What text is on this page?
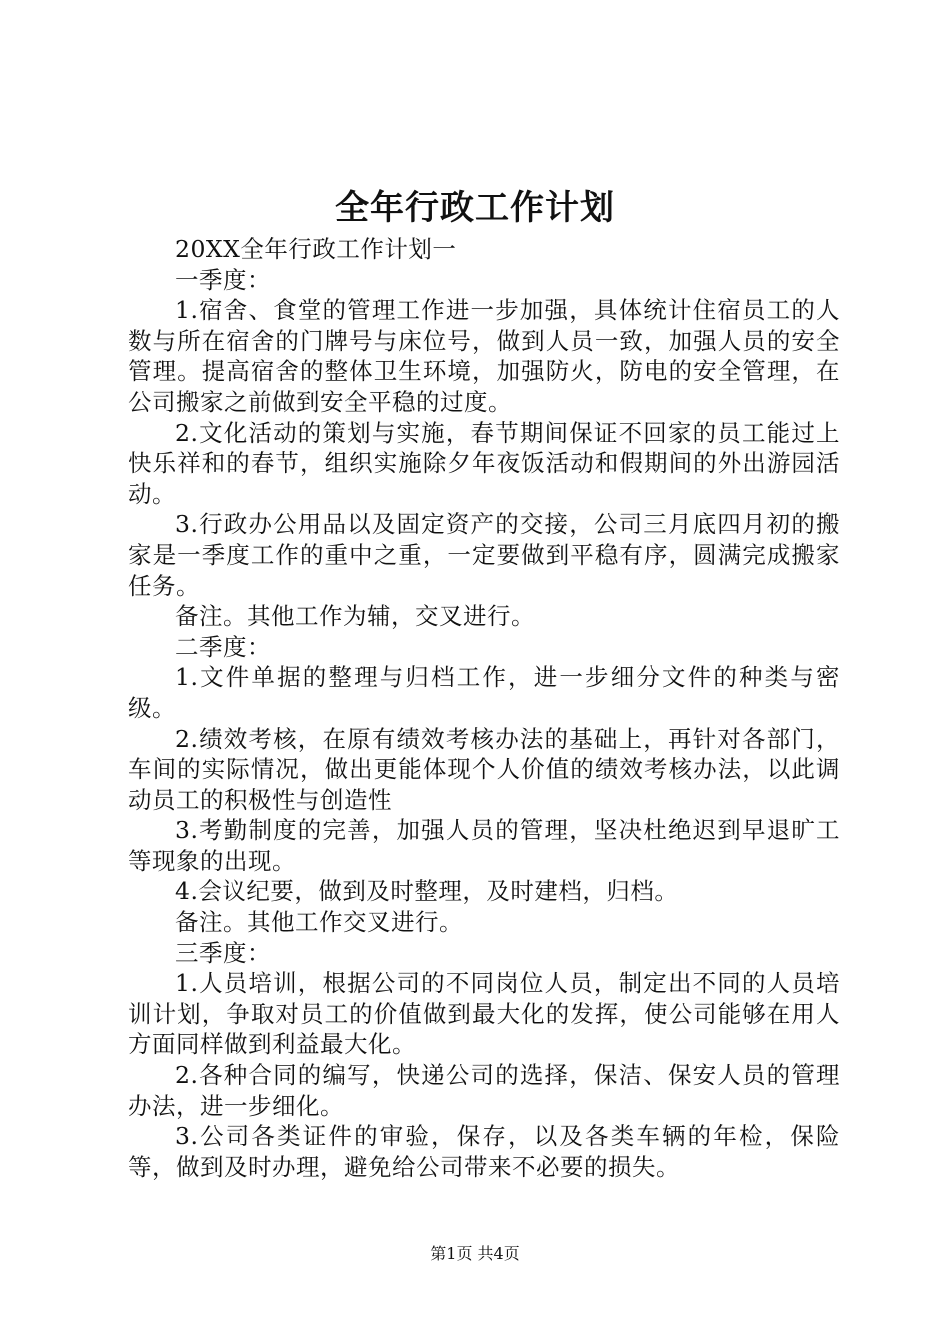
全年行政工作计划

20XX全年行政工作计划一

一季度：

1.宿舍、食堂的管理工作进一步加强，具体统计住宿员工的人数与所在宿舍的门牌号与床位号，做到人员一致，加强人员的安全管理。提高宿舍的整体卫生环境，加强防火，防电的安全管理，在公司搬家之前做到安全平稳的过度。

2.文化活动的策划与实施，春节期间保证不回家的员工能过上快乐祥和的春节，组织实施除夕年夜饭活动和假期间的外出游园活动。

3.行政办公用品以及固定资产的交接，公司三月底四月初的搬家是一季度工作的重中之重，一定要做到平稳有序，圆满完成搬家任务。

备注。其他工作为辅，交叉进行。

二季度：

1.文件单据的整理与归档工作，进一步细分文件的种类与密级。

2.绩效考核，在原有绩效考核办法的基础上，再针对各部门，车间的实际情况，做出更能体现个人价值的绩效考核办法，以此调动员工的积极性与创造性

3.考勤制度的完善，加强人员的管理，坚决杜绝迟到早退旷工等现象的出现。

4.会议纪要，做到及时整理，及时建档，归档。

备注。其他工作交叉进行。

三季度：

1.人员培训，根据公司的不同岗位人员，制定出不同的人员培训计划，争取对员工的价值做到最大化的发挥，使公司能够在用人方面同样做到利益最大化。

2.各种合同的编写，快递公司的选择，保洁、保安人员的管理办法，进一步细化。

3.公司各类证件的审验，保存，以及各类车辆的年检，保险等，做到及时办理，避免给公司带来不必要的损失。

第1页 共4页
